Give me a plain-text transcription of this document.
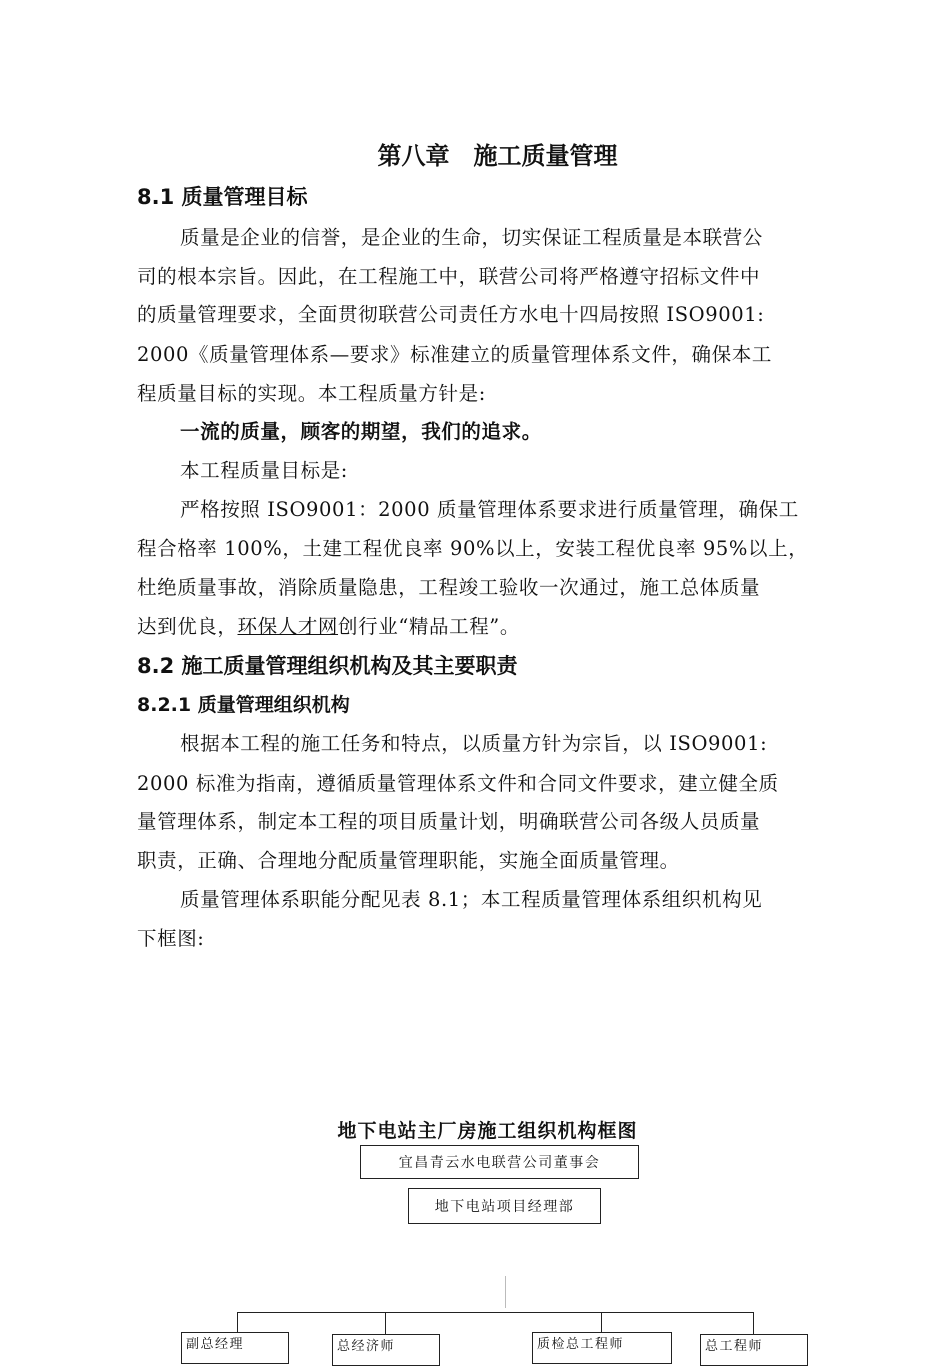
第八章　施工质量管理
8.1 质量管理目标
质量是企业的信誉，是企业的生命，切实保证工程质量是本联营公
司的根本宗旨。因此，在工程施工中，联营公司将严格遵守招标文件中
的质量管理要求，全面贯彻联营公司责任方水电十四局按照 ISO9001:
2000《质量管理体系—要求》标准建立的质量管理体系文件，确保本工
程质量目标的实现。本工程质量方针是:
一流的质量，顾客的期望，我们的追求。
本工程质量目标是:
严格按照 ISO9001：2000 质量管理体系要求进行质量管理，确保工
程合格率 100%，土建工程优良率 90%以上，安装工程优良率 95%以上，
杜绝质量事故，消除质量隐患，工程竣工验收一次通过，施工总体质量
达到优良，环保人才网创行业“精品工程”。
8.2 施工质量管理组织机构及其主要职责
8.2.1 质量管理组织机构
根据本工程的施工任务和特点，以质量方针为宗旨，以 ISO9001:
2000 标准为指南，遵循质量管理体系文件和合同文件要求，建立健全质
量管理体系，制定本工程的项目质量计划，明确联营公司各级人员质量
职责，正确、合理地分配质量管理职能，实施全面质量管理。
质量管理体系职能分配见表 8.1；本工程质量管理体系组织机构见
下框图:
地下电站主厂房施工组织机构框图
宜昌青云水电联营公司董事会
地下电站项目经理部
副总经理	总经济师	质检总工程师	总工程师
